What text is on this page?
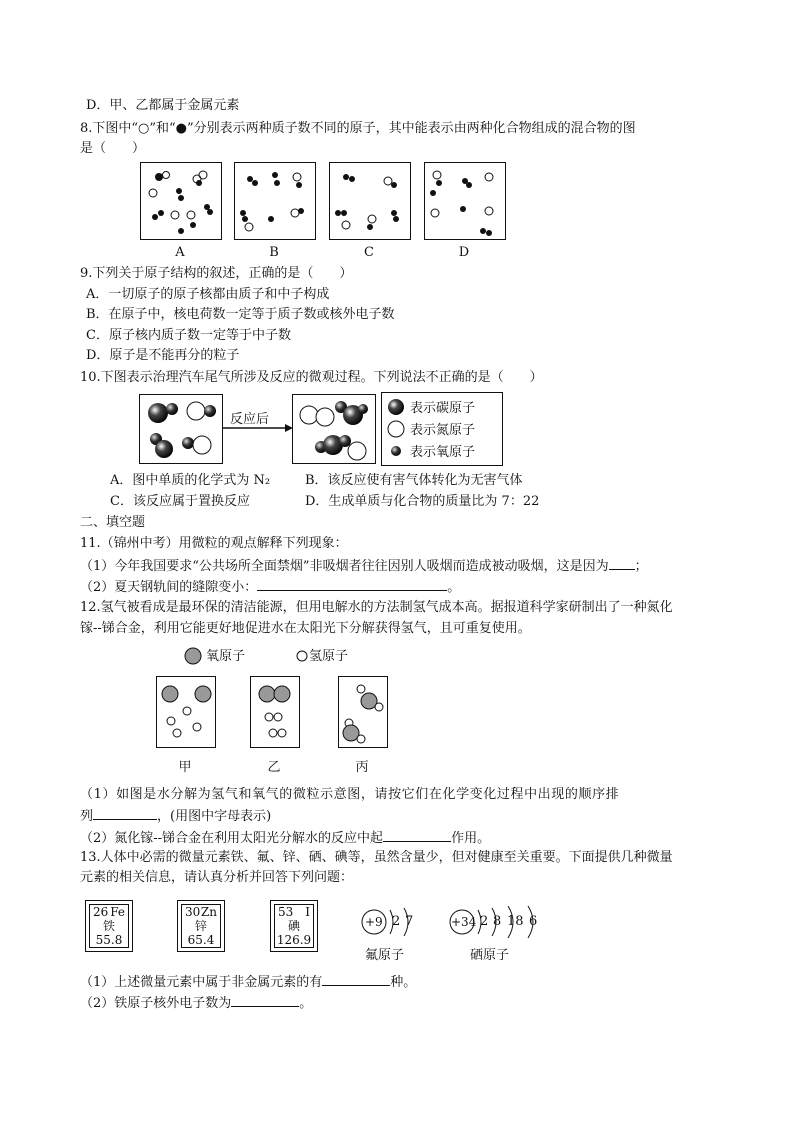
D．甲、乙都属于金属元素
8.下图中“○”和“●”分别表示两种质子数不同的原子，其中能表示由两种化合物组成的混合物的图
是（　　）
A	B	C	D
9.下列关于原子结构的叙述，正确的是（　　）
A．一切原子的原子核都由质子和中子构成
B．在原子中，核电荷数一定等于质子数或核外电子数
C．原子核内质子数一定等于中子数
D．原子是不能再分的粒子
10.下图表示治理汽车尾气所涉及反应的微观过程。下列说法不正确的是（　　）
反应后
表示碳原子
表示氮原子
表示氧原子
A．图中单质的化学式为 N₂	B．该反应使有害气体转化为无害气体
C．该反应属于置换反应	D．生成单质与化合物的质量比为 7：22
二、填空题
11.（锦州中考）用微粒的观点解释下列现象：
（1）今年我国要求“公共场所全面禁烟”非吸烟者往往因别人吸烟而造成被动吸烟，这是因为 ；
（2）夏天钢轨间的缝隙变小：	。
12.氢气被看成是最环保的清洁能源，但用电解水的方法制氢气成本高。据报道科学家研制出了一种氮化
镓--锑合金，利用它能更好地促进水在太阳光下分解获得氢气，且可重复使用。
氧原子	氢原子
甲	乙	丙
（1）如图是水分解为氢气和氧气的微粒示意图，请按它们在化学变化过程中出现的顺序排
列	，(用图中字母表示)
（2）氮化镓--锑合金在利用太阳光分解水的反应中起	作用。
13.人体中必需的微量元素铁、氟、锌、硒、碘等，虽然含量少，但对健康至关重要。下面提供几种微量
元素的相关信息，请认真分析并回答下列问题：
26 Fe
铁
55.8
30 Zn
锌
65.4
53 I
碘
126.9
+9 2 7
氟原子
+34 2 8 18 6
硒原子
（1）上述微量元素中属于非金属元素的有	种。
（2）铁原子核外电子数为	。
